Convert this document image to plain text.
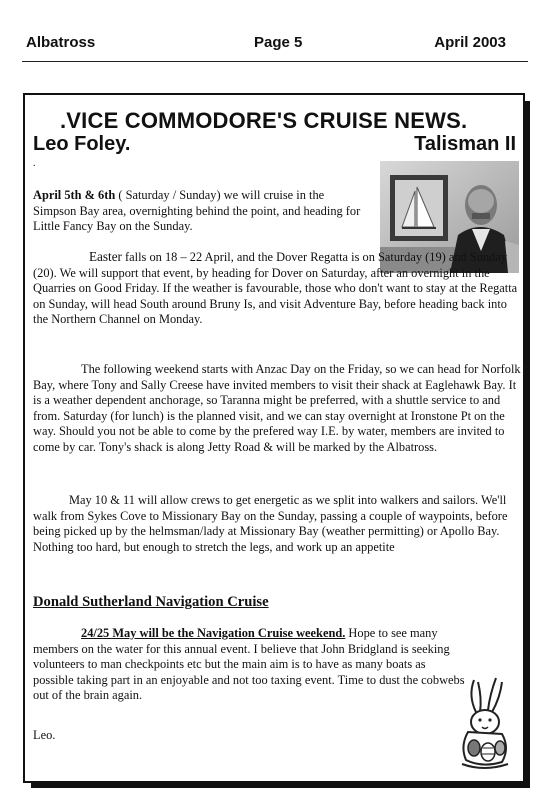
Albatross	Page 5	April 2003
.VICE COMMODORE'S CRUISE NEWS.
Leo Foley.	Talisman II
.

April 5th & 6th ( Saturday / Sunday) we will cruise in the Simpson Bay area, overnighting behind the point, and heading for Little Fancy Bay on the Sunday.

Easter falls on 18 – 22 April, and the Dover Regatta is on Saturday (19) and Sunday (20). We will support that event, by heading for Dover on Saturday, after an overnight in the Quarries on Good Friday. If the weather is favourable, those who don't want to stay at the Regatta on Sunday, will head South around Bruny Is, and visit Adventure Bay, before heading back into the Northern Channel on Monday.

The following weekend starts with Anzac Day on the Friday, so we can head for Norfolk Bay, where Tony and Sally Creese have invited members to visit their shack at Eaglehawk Bay. It is a weather dependent anchorage, so Taranna might be preferred, with a shuttle service to and from. Saturday (for lunch) is the planned visit, and we can stay overnight at Ironstone Pt on the way. Should you not be able to come by the prefered way I.E. by water, members are invited to come by car. Tony's shack is along Jetty Road & will be marked by the Albatross.

May 10 & 11 will allow crews to get energetic as we split into walkers and sailors. We'll walk from Sykes Cove to Missionary Bay on the Sunday, passing a couple of waypoints, before being picked up by the helmsman/lady at Missionary Bay (weather permitting) or Apollo Bay. Nothing too hard, but enough to stretch the legs, and work up an appetite

Donald Sutherland Navigation Cruise

24/25 May will be the Navigation Cruise weekend. Hope to see many members on the water for this annual event. I believe that John Bridgland is seeking volunteers to man checkpoints etc but the main aim is to have as many boats as possible taking part in an enjoyable and not too taxing event. Time to dust the cobwebs out of the brain again.

Leo.
